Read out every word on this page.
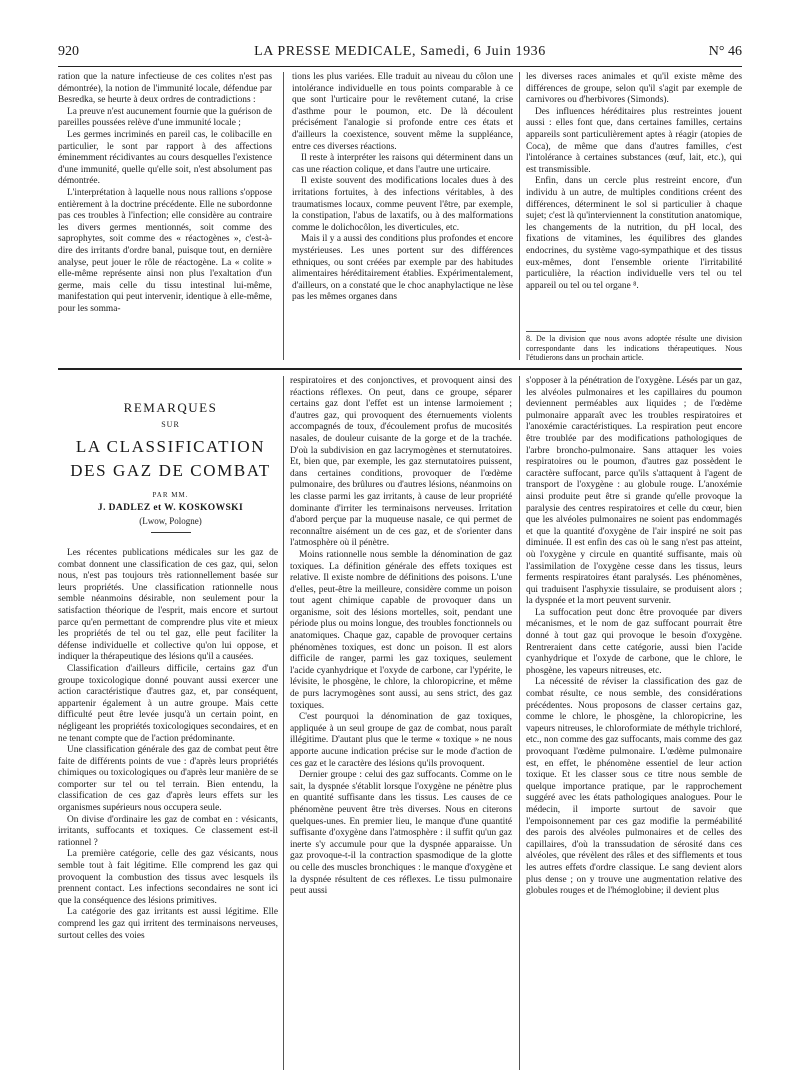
920	LA PRESSE MEDICALE, Samedi, 6 Juin 1936	N° 46

ration que la nature infectieuse de ces colites n'est pas démontrée), la notion de l'immunité locale, défendue par Besredka, se heurte à deux ordres de contradictions :

La preuve n'est aucunement fournie que la guérison de pareilles poussées relève d'une immunité locale ;

Les germes incriminés en pareil cas, le colibacille en particulier, le sont par rapport à des affections éminemment récidivantes au cours desquelles l'existence d'une immunité, quelle qu'elle soit, n'est absolument pas démontrée.

L'interprétation à laquelle nous nous rallions s'oppose entièrement à la doctrine précédente. Elle ne subordonne pas ces troubles à l'infection; elle considère au contraire les divers germes mentionnés, soit comme des saprophytes, soit comme des « réactogènes », c'est-à-dire des irritants d'ordre banal, puisque tout, en dernière analyse, peut jouer le rôle de réactogène. La « colite » elle-même représente ainsi non plus l'exaltation d'un germe, mais celle du tissu intestinal lui-même, manifestation qui peut intervenir, identique à elle-même, pour les somma-

tions les plus variées. Elle traduit au niveau du côlon une intolérance individuelle en tous points comparable à ce que sont l'urticaire pour le revêtement cutané, la crise d'asthme pour le poumon, etc. De là découlent précisément l'analogie si profonde entre ces états et d'ailleurs la coexistence, souvent même la suppléance, entre ces diverses réactions.

Il reste à interpréter les raisons qui déterminent dans un cas une réaction colique, et dans l'autre une urticaire.

Il existe souvent des modifications locales dues à des irritations fortuites, à des infections véritables, à des traumatismes locaux, comme peuvent l'être, par exemple, la constipation, l'abus de laxatifs, ou à des malformations comme le dolichocôlon, les diverticules, etc.

Mais il y a aussi des conditions plus profondes et encore mystérieuses. Les unes portent sur des différences ethniques, ou sont créées par exemple par des habitudes alimentaires héréditairement établies. Expérimentalement, d'ailleurs, on a constaté que le choc anaphylactique ne lèse pas les mêmes organes dans

les diverses races animales et qu'il existe même des différences de groupe, selon qu'il s'agit par exemple de carnivores ou d'herbivores (Simonds).

Des influences héréditaires plus restreintes jouent aussi : elles font que, dans certaines familles, certains appareils sont particulièrement aptes à réagir (atopies de Coca), de même que dans d'autres familles, c'est l'intolérance à certaines substances (œuf, lait, etc.), qui est transmissible.

Enfin, dans un cercle plus restreint encore, d'un individu à un autre, de multiples conditions créent des différences, déterminent le sol si particulier à chaque sujet; c'est là qu'interviennent la constitution anatomique, les changements de la nutrition, du pH local, des fixations de vitamines, les équilibres des glandes endocrines, du système vago-sympathique et des tissus eux-mêmes, dont l'ensemble oriente l'irritabilité particulière, la réaction individuelle vers tel ou tel appareil ou tel ou tel organe ⁸.

8. De la division que nous avons adoptée résulte une division correspondante dans les indications thérapeutiques. Nous l'étudierons dans un prochain article.
REMARQUES
SUR
LA CLASSIFICATION
DES GAZ DE COMBAT
PAR MM.
J. DADLEZ et W. KOSKOWSKI
(Lwow, Pologne)

Les récentes publications médicales sur les gaz de combat donnent une classification de ces gaz, qui, selon nous, n'est pas toujours très rationnellement basée sur leurs propriétés. Une classification rationnelle nous semble néanmoins désirable, non seulement pour la satisfaction théorique de l'esprit, mais encore et surtout parce qu'en permettant de comprendre plus vite et mieux les propriétés de tel ou tel gaz, elle peut faciliter la défense individuelle et collective qu'on lui oppose, et indiquer la thérapeutique des lésions qu'il a causées.

Classification d'ailleurs difficile, certains gaz d'un groupe toxicologique donné pouvant aussi exercer une action caractéristique d'autres gaz, et, par conséquent, appartenir également à un autre groupe. Mais cette difficulté peut être levée jusqu'à un certain point, en négligeant les propriétés toxicologiques secondaires, et en ne tenant compte que de l'action prédominante.

Une classification générale des gaz de combat peut être faite de différents points de vue : d'après leurs propriétés chimiques ou toxicologiques ou d'après leur manière de se comporter sur tel ou tel terrain. Bien entendu, la classification de ces gaz d'après leurs effets sur les organismes supérieurs nous occupera seule.

On divise d'ordinaire les gaz de combat en : vésicants, irritants, suffocants et toxiques. Ce classement est-il rationnel ?

La première catégorie, celle des gaz vésicants, nous semble tout à fait légitime. Elle comprend les gaz qui provoquent la combustion des tissus avec lesquels ils prennent contact. Les infections secondaires ne sont ici que la conséquence des lésions primitives.

La catégorie des gaz irritants est aussi légitime. Elle comprend les gaz qui irritent des terminaisons nerveuses, surtout celles des voies

respiratoires et des conjonctives, et provoquent ainsi des réactions réflexes. On peut, dans ce groupe, séparer certains gaz dont l'effet est un intense larmoiement ; d'autres gaz, qui provoquent des éternuements violents accompagnés de toux, d'écoulement profus de mucosités nasales, de douleur cuisante de la gorge et de la trachée. D'où la subdivision en gaz lacrymogènes et sternutatoires. Et, bien que, par exemple, les gaz sternutatoires puissent, dans certaines conditions, provoquer de l'œdème pulmonaire, des brûlures ou d'autres lésions, néanmoins on les classe parmi les gaz irritants, à cause de leur propriété dominante d'irriter les terminaisons nerveuses. Irritation d'abord perçue par la muqueuse nasale, ce qui permet de reconnaître aisément un de ces gaz, et de s'orienter dans l'atmosphère où il pénètre.

Moins rationnelle nous semble la dénomination de gaz toxiques. La définition générale des effets toxiques est relative. Il existe nombre de définitions des poisons. L'une d'elles, peut-être la meilleure, considère comme un poison tout agent chimique capable de provoquer dans un organisme, soit des lésions mortelles, soit, pendant une période plus ou moins longue, des troubles fonctionnels ou anatomiques. Chaque gaz, capable de provoquer certains phénomènes toxiques, est donc un poison. Il est alors difficile de ranger, parmi les gaz toxiques, seulement l'acide cyanhydrique et l'oxyde de carbone, car l'ypérite, le lévisite, le phosgène, le chlore, la chloropicrine, et même de purs lacrymogènes sont aussi, au sens strict, des gaz toxiques.

C'est pourquoi la dénomination de gaz toxiques, appliquée à un seul groupe de gaz de combat, nous paraît illégitime. D'autant plus que le terme « toxique » ne nous apporte aucune indication précise sur le mode d'action de ces gaz et le caractère des lésions qu'ils provoquent.

Dernier groupe : celui des gaz suffocants. Comme on le sait, la dyspnée s'établit lorsque l'oxygène ne pénètre plus en quantité suffisante dans les tissus. Les causes de ce phénomène peuvent être très diverses. Nous en citerons quelques-unes. En premier lieu, le manque d'une quantité suffisante d'oxygène dans l'atmosphère : il suffit qu'un gaz inerte s'y accumule pour que la dyspnée apparaisse. Un gaz provoque-t-il la contraction spasmodique de la glotte ou celle des muscles bronchiques : le manque d'oxygène et la dyspnée résultent de ces réflexes. Le tissu pulmonaire peut aussi

s'opposer à la pénétration de l'oxygène. Lésés par un gaz, les alvéoles pulmonaires et les capillaires du poumon deviennent perméables aux liquides ; de l'œdème pulmonaire apparaît avec les troubles respiratoires et l'anoxémie caractéristiques. La respiration peut encore être troublée par des modifications pathologiques de l'arbre broncho-pulmonaire. Sans attaquer les voies respiratoires ou le poumon, d'autres gaz possèdent le caractère suffocant, parce qu'ils s'attaquent à l'agent de transport de l'oxygène : au globule rouge. L'anoxémie ainsi produite peut être si grande qu'elle provoque la paralysie des centres respiratoires et celle du cœur, bien que les alvéoles pulmonaires ne soient pas endommagés et que la quantité d'oxygène de l'air inspiré ne soit pas diminuée. Il est enfin des cas où le sang n'est pas atteint, où l'oxygène y circule en quantité suffisante, mais où l'assimilation de l'oxygène cesse dans les tissus, leurs ferments respiratoires étant paralysés. Les phénomènes, qui traduisent l'asphyxie tissulaire, se produisent alors ; la dyspnée et la mort peuvent survenir.

La suffocation peut donc être provoquée par divers mécanismes, et le nom de gaz suffocant pourrait être donné à tout gaz qui provoque le besoin d'oxygène. Rentreraient dans cette catégorie, aussi bien l'acide cyanhydrique et l'oxyde de carbone, que le chlore, le phosgène, les vapeurs nitreuses, etc.

La nécessité de réviser la classification des gaz de combat résulte, ce nous semble, des considérations précédentes. Nous proposons de classer certains gaz, comme le chlore, le phosgène, la chloropicrine, les vapeurs nitreuses, le chloroformiate de méthyle trichloré, etc., non comme des gaz suffocants, mais comme des gaz provoquant l'œdème pulmonaire. L'œdème pulmonaire est, en effet, le phénomène essentiel de leur action toxique. Et les classer sous ce titre nous semble de quelque importance pratique, par le rapprochement suggéré avec les états pathologiques analogues. Pour le médecin, il importe surtout de savoir que l'empoisonnement par ces gaz modifie la perméabilité des parois des alvéoles pulmonaires et de celles des capillaires, d'où la transsudation de sérosité dans ces alvéoles, que révèlent des râles et des sifflements et tous les autres effets d'ordre classique. Le sang devient alors plus dense ; on y trouve une augmentation relative des globules rouges et de l'hémoglobine; il devient plus
